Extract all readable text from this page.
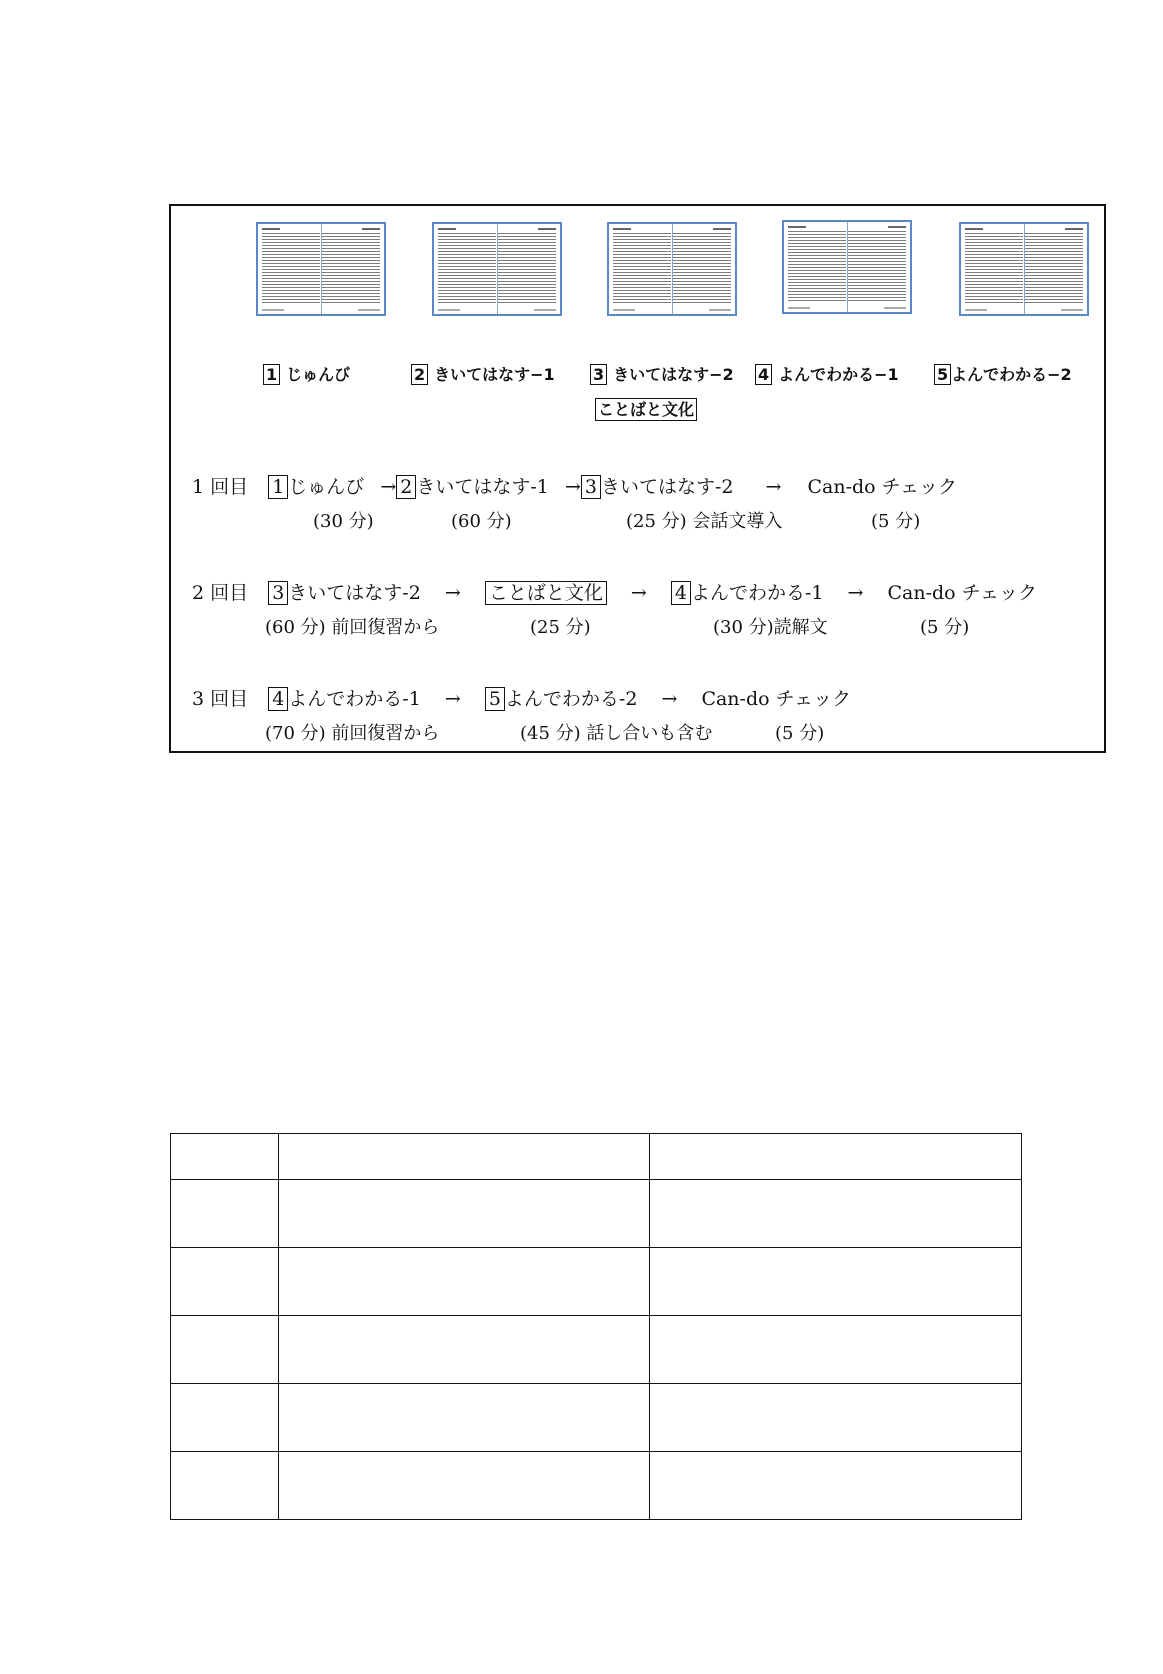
1 じゅんび	2 きいてはなす−1 3 きいてはなす−2 4 よんでわかる−1 5 よんでわかる−2
ことばと文化
1 回目 1 じゅんび → 2 きいてはなす-1 → 3 きいてはなす-2 → Can-do チェック
(30 分)	(60 分)	(25 分) 会話文導入	(5 分)
2 回目 3 きいてはなす-2 → ことばと文化 → 4 よんでわかる-1 → Can-do チェック
(60 分) 前回復習から	(25 分)	(30 分)読解文	(5 分)
3 回目 4 よんでわかる-1 → 5 よんでわかる-2 → Can-do チェック
(70 分) 前回復習から	(45 分) 話し合いも含む	(5 分)
